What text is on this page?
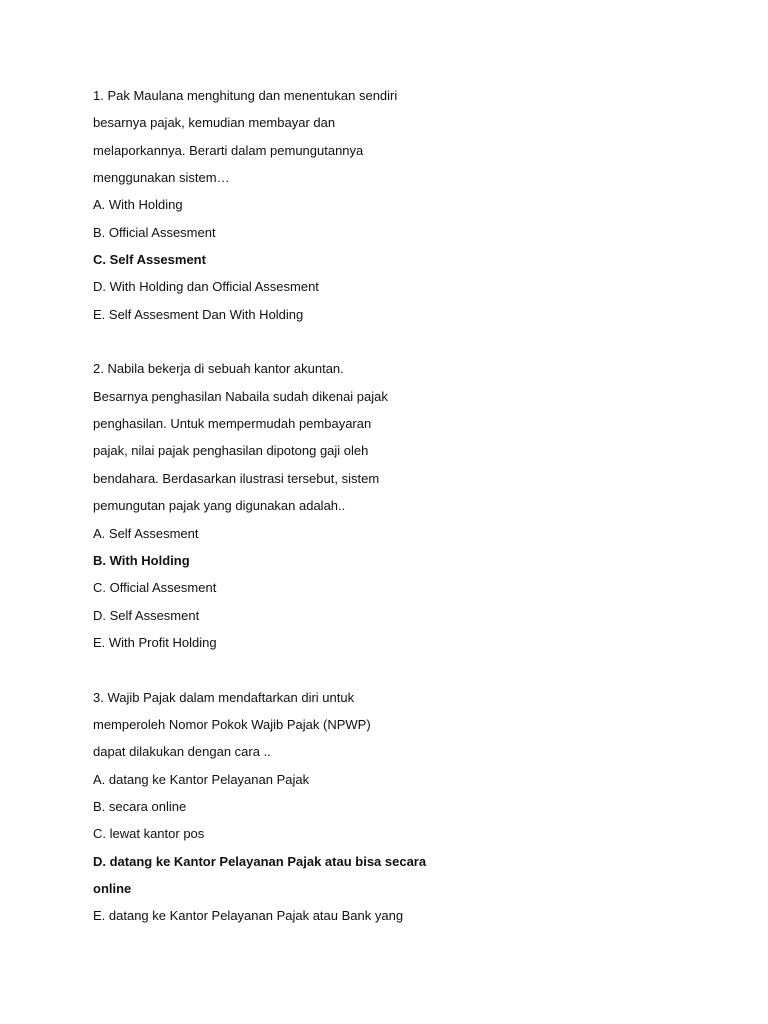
1. Pak Maulana menghitung dan menentukan sendiri
besarnya pajak, kemudian membayar dan
melaporkannya. Berarti dalam pemungutannya
menggunakan sistem…
A. With Holding
B. Official Assesment
C. Self Assesment
D. With Holding dan Official Assesment
E. Self Assesment Dan With Holding
2. Nabila bekerja di sebuah kantor akuntan.
Besarnya penghasilan Nabaila sudah dikenai pajak
penghasilan. Untuk mempermudah pembayaran
pajak, nilai pajak penghasilan dipotong gaji oleh
bendahara. Berdasarkan ilustrasi tersebut, sistem
pemungutan pajak yang digunakan adalah..
A. Self Assesment
B. With Holding
C. Official Assesment
D. Self Assesment
E. With Profit Holding
3. Wajib Pajak dalam mendaftarkan diri untuk
memperoleh Nomor Pokok Wajib Pajak (NPWP)
dapat dilakukan dengan cara ..
A. datang ke Kantor Pelayanan Pajak
B. secara online
C. lewat kantor pos
D. datang ke Kantor Pelayanan Pajak atau bisa secara
online
E. datang ke Kantor Pelayanan Pajak atau Bank yang
